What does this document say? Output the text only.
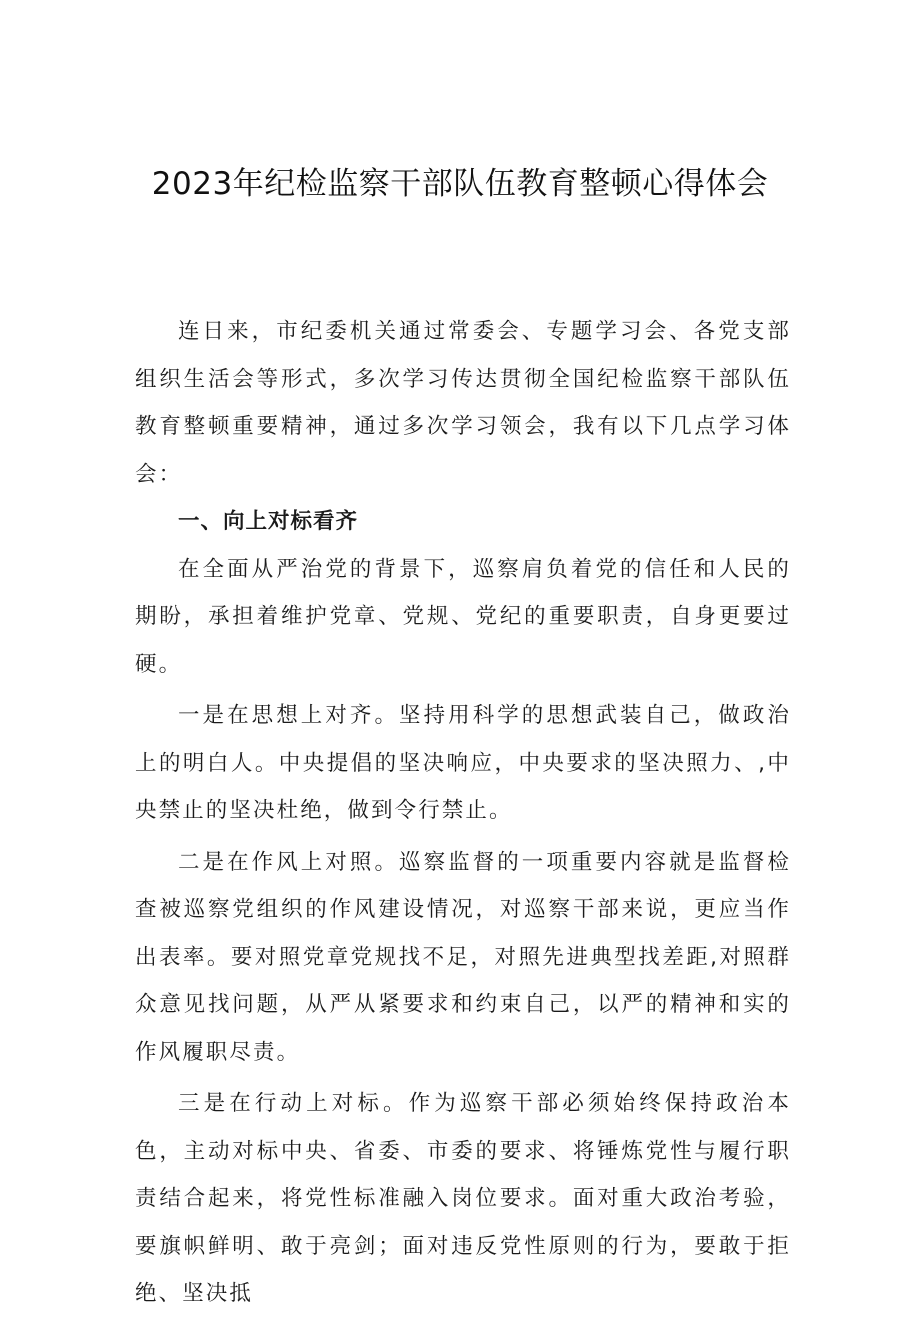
2023年纪检监察干部队伍教育整顿心得体会

连日来，市纪委机关通过常委会、专题学习会、各党支部组织生活会等形式，多次学习传达贯彻全国纪检监察干部队伍教育整顿重要精神，通过多次学习领会，我有以下几点学习体会：

一、向上对标看齐

在全面从严治党的背景下，巡察肩负着党的信任和人民的期盼，承担着维护党章、党规、党纪的重要职责，自身更要过硬。

一是在思想上对齐。坚持用科学的思想武装自己，做政治上的明白人。中央提倡的坚决响应，中央要求的坚决照力、,中央禁止的坚决杜绝，做到令行禁止。

二是在作风上对照。巡察监督的一项重要内容就是监督检查被巡察党组织的作风建设情况，对巡察干部来说，更应当作出表率。要对照党章党规找不足，对照先进典型找差距,对照群众意见找问题，从严从紧要求和约束自己，以严的精神和实的作风履职尽责。

三是在行动上对标。作为巡察干部必须始终保持政治本色，主动对标中央、省委、市委的要求、将锤炼党性与履行职责结合起来，将党性标准融入岗位要求。面对重大政治考验，要旗帜鲜明、敢于亮剑；面对违反党性原则的行为，要敢于拒绝、坚决抵
